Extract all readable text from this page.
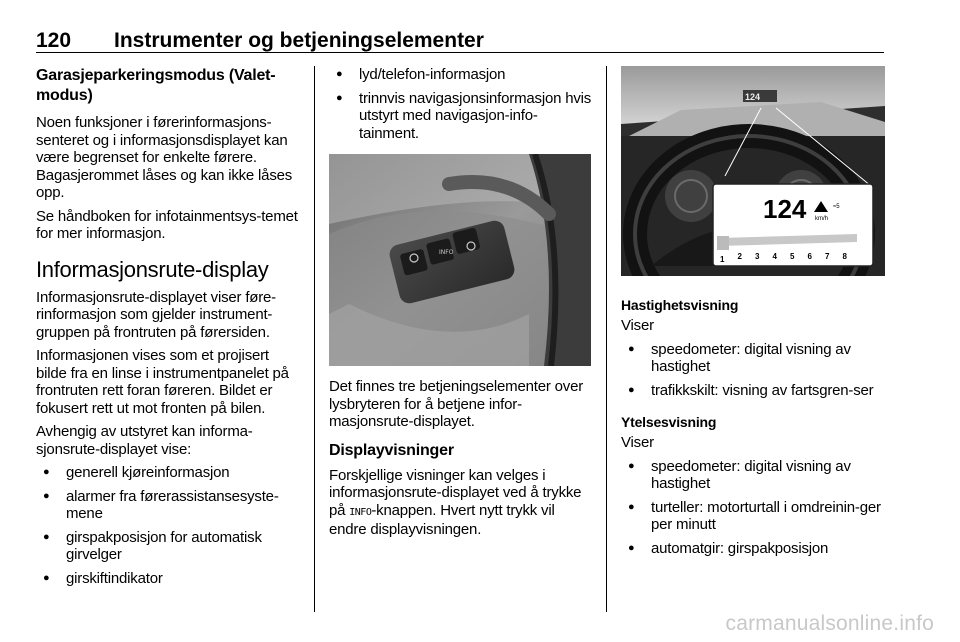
120	Instrumenter og betjeningselementer
Garasjeparkeringsmodus (Valet-modus)

Noen funksjoner i førerinformasjons-senteret og i informasjonsdisplayet kan være begrenset for enkelte førere. Bagasjerommet låses og kan ikke låses opp.

Se håndboken for infotainmentsys-temet for mer informasjon.

Informasjonsrute-display

Informasjonsrute-displayet viser føre-rinformasjon som gjelder instrument-gruppen på frontruten på førersiden.

Informasjonen vises som et projisert bilde fra en linse i instrumentpanelet på frontruten rett foran føreren. Bildet er fokusert rett ut mot fronten på bilen.

Avhengig av utstyret kan informa-sjonsrute-displayet vise:

● generell kjøreinformasjon
● alarmer fra førerassistansesyste-mene
● girspakposisjon for automatisk girvelger
● girskiftindikator
● lyd/telefon-informasjon
● trinnvis navigasjonsinformasjon hvis utstyrt med navigasjon-info-tainment.
INFO

Det finnes tre betjeningselementer over lysbryteren for å betjene infor-masjonsrute-displayet.

Displayvisninger

Forskjellige visninger kan velges i informasjonsrute-displayet ved å trykke på INFO-knappen. Hvert nytt trykk vil endre displayvisningen.

124
124 km/h
≈5
1 2 3 4 5 6 7 8
Hastighetsvisning

Viser

● speedometer: digital visning av hastighet
● trafikkskilt: visning av fartsgren-ser
Ytelsesvisning

Viser

● speedometer: digital visning av hastighet
● turteller: motorturtall i omdreinin-ger per minutt
● automatgir: girspakposisjon
carmanualsonline.info
